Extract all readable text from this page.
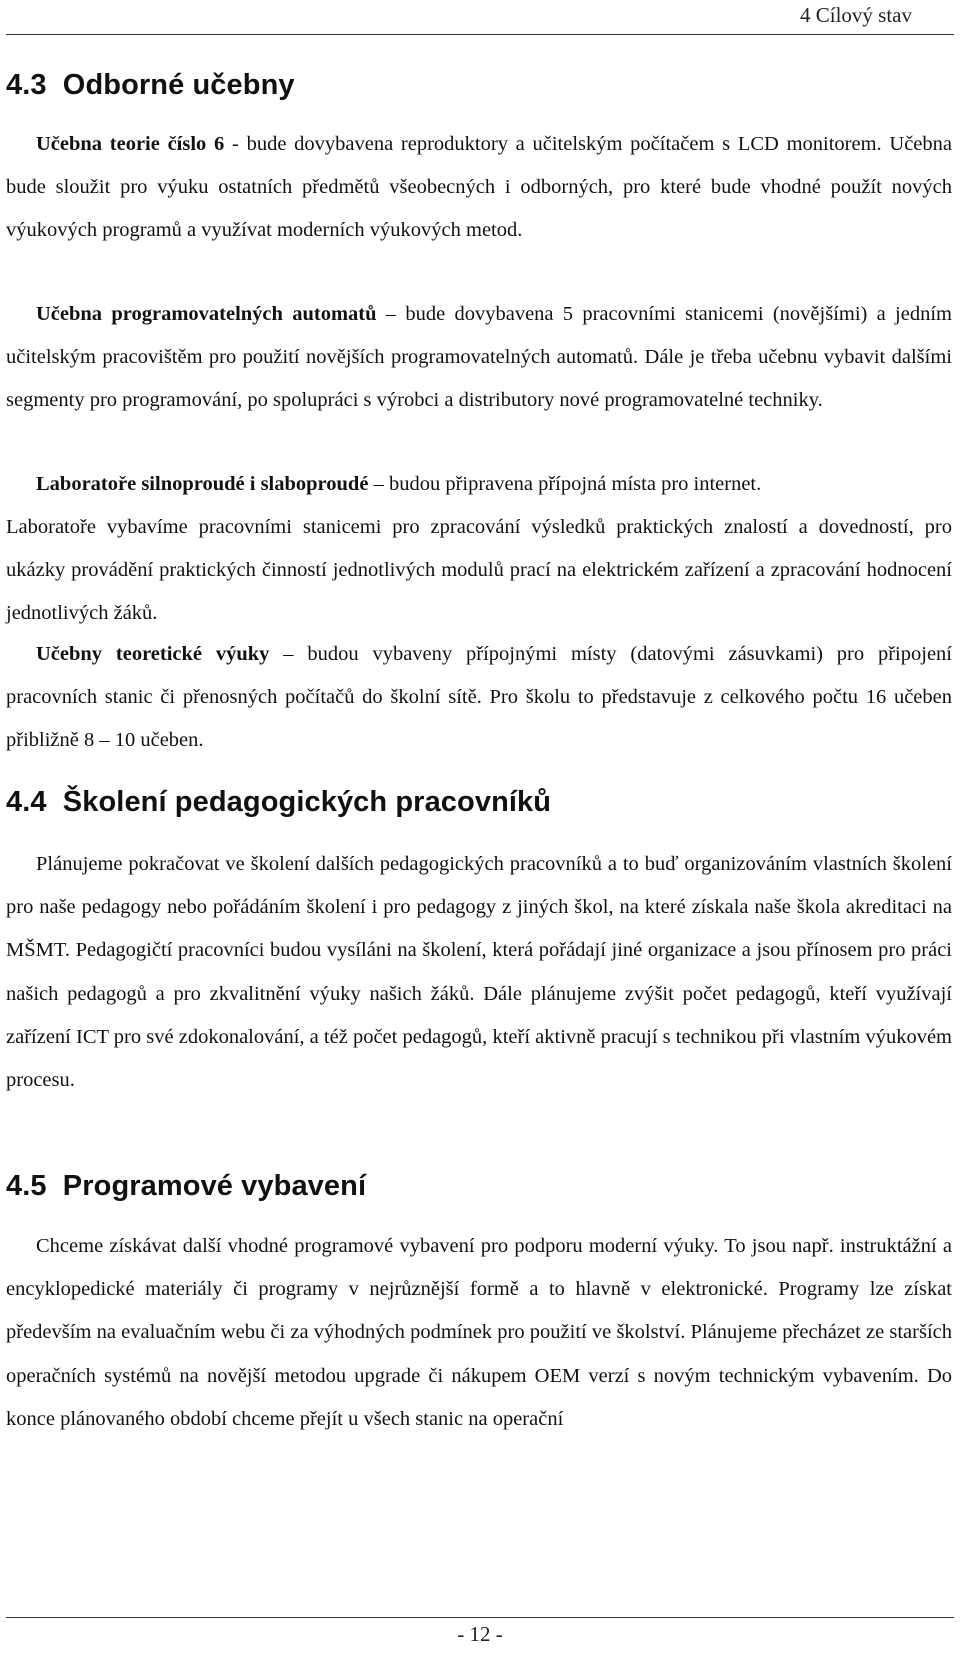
4 Cílový stav
4.3 Odborné učebny

Učebna teorie číslo 6 - bude dovybavena reproduktory a učitelským počítačem s LCD monitorem. Učebna bude sloužit pro výuku ostatních předmětů všeobecných i odborných, pro které bude vhodné použít nových výukových programů a využívat moderních výukových metod.

Učebna programovatelných automatů – bude dovybavena 5 pracovními stanicemi (novějšími) a jedním učitelským pracovištěm pro použití novějších programovatelných automatů. Dále je třeba učebnu vybavit dalšími segmenty pro programování, po spolupráci s výrobci a distributory nové programovatelné techniky.

Laboratoře silnoproudé i slaboproudé – budou připravena přípojná místa pro internet.

Laboratoře vybavíme pracovními stanicemi pro zpracování výsledků praktických znalostí a dovedností, pro ukázky provádění praktických činností jednotlivých modulů prací na elektrickém zařízení a zpracování hodnocení jednotlivých žáků.

Učebny teoretické výuky – budou vybaveny přípojnými místy (datovými zásuvkami) pro připojení pracovních stanic či přenosných počítačů do školní sítě. Pro školu to představuje z celkového počtu 16 učeben přibližně 8 – 10 učeben.

4.4 Školení pedagogických pracovníků

Plánujeme pokračovat ve školení dalších pedagogických pracovníků a to buď organizováním vlastních školení pro naše pedagogy nebo pořádáním školení i pro pedagogy z jiných škol, na které získala naše škola akreditaci na MŠMT. Pedagogičtí pracovníci budou vysíláni na školení, která pořádají jiné organizace a jsou přínosem pro práci našich pedagogů a pro zkvalitnění výuky našich žáků. Dále plánujeme zvýšit počet pedagogů, kteří využívají zařízení ICT pro své zdokonalování, a též počet pedagogů, kteří aktivně pracují s technikou při vlastním výukovém procesu.

4.5 Programové vybavení

Chceme získávat další vhodné programové vybavení pro podporu moderní výuky. To jsou např. instruktážní a encyklopedické materiály či programy v nejrůznější formě a to hlavně v elektronické. Programy lze získat především na evaluačním webu či za výhodných podmínek pro použití ve školství. Plánujeme přecházet ze starších operačních systémů na novější metodou upgrade či nákupem OEM verzí s novým technickým vybavením. Do konce plánovaného období chceme přejít u všech stanic na operační

- 12 -
